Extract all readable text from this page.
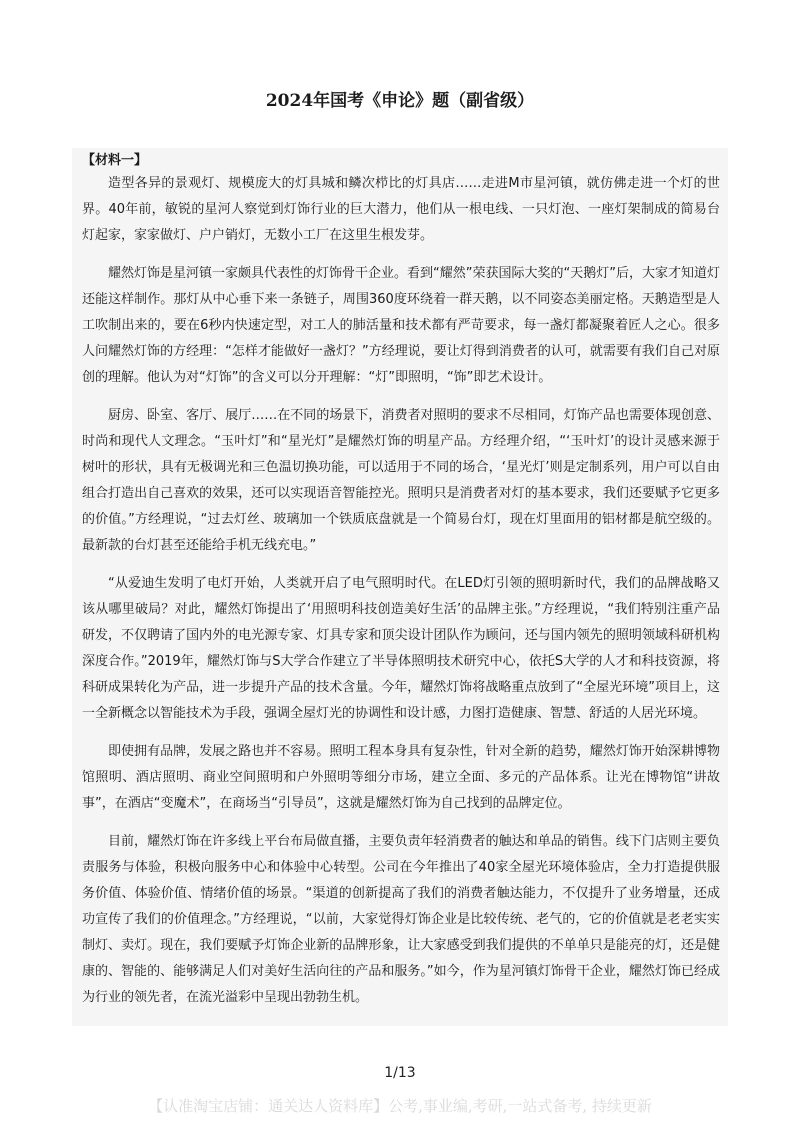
2024年国考《申论》题（副省级）
【材料一】

造型各异的景观灯、规模庞大的灯具城和鳞次栉比的灯具店……走进M市星河镇，就仿佛走进一个灯的世界。40年前，敏锐的星河人察觉到灯饰行业的巨大潜力，他们从一根电线、一只灯泡、一座灯架制成的简易台灯起家，家家做灯、户户销灯，无数小工厂在这里生根发芽。

耀然灯饰是星河镇一家颇具代表性的灯饰骨干企业。看到“耀然”荣获国际大奖的“天鹅灯”后，大家才知道灯还能这样制作。那灯从中心垂下来一条链子，周围360度环绕着一群天鹅，以不同姿态美丽定格。天鹅造型是人工吹制出来的，要在6秒内快速定型，对工人的肺活量和技术都有严苛要求，每一盏灯都凝聚着匠人之心。很多人问耀然灯饰的方经理：“怎样才能做好一盏灯？”方经理说，要让灯得到消费者的认可，就需要有我们自己对原创的理解。他认为对“灯饰”的含义可以分开理解：“灯”即照明，“饰”即艺术设计。

厨房、卧室、客厅、展厅……在不同的场景下，消费者对照明的要求不尽相同，灯饰产品也需要体现创意、时尚和现代人文理念。“玉叶灯”和“星光灯”是耀然灯饰的明星产品。方经理介绍，“‘玉叶灯’的设计灵感来源于树叶的形状，具有无极调光和三色温切换功能，可以适用于不同的场合，‘星光灯’则是定制系列，用户可以自由组合打造出自己喜欢的效果，还可以实现语音智能控光。照明只是消费者对灯的基本要求，我们还要赋予它更多的价值。”方经理说，“过去灯丝、玻璃加一个铁质底盘就是一个简易台灯，现在灯里面用的铝材都是航空级的。最新款的台灯甚至还能给手机无线充电。”

“从爱迪生发明了电灯开始，人类就开启了电气照明时代。在LED灯引领的照明新时代，我们的品牌战略又该从哪里破局？对此，耀然灯饰提出了‘用照明科技创造美好生活’的品牌主张。”方经理说，“我们特别注重产品研发，不仅聘请了国内外的电光源专家、灯具专家和顶尖设计团队作为顾问，还与国内领先的照明领域科研机构深度合作。”2019年，耀然灯饰与S大学合作建立了半导体照明技术研究中心，依托S大学的人才和科技资源，将科研成果转化为产品，进一步提升产品的技术含量。今年，耀然灯饰将战略重点放到了“全屋光环境”项目上，这一全新概念以智能技术为手段，强调全屋灯光的协调性和设计感，力图打造健康、智慧、舒适的人居光环境。

即使拥有品牌，发展之路也并不容易。照明工程本身具有复杂性，针对全新的趋势，耀然灯饰开始深耕博物馆照明、酒店照明、商业空间照明和户外照明等细分市场，建立全面、多元的产品体系。让光在博物馆“讲故事”，在酒店“变魔术”，在商场当“引导员”，这就是耀然灯饰为自己找到的品牌定位。

目前，耀然灯饰在许多线上平台布局做直播，主要负责年轻消费者的触达和单品的销售。线下门店则主要负责服务与体验，积极向服务中心和体验中心转型。公司在今年推出了40家全屋光环境体验店，全力打造提供服务价值、体验价值、情绪价值的场景。“渠道的创新提高了我们的消费者触达能力，不仅提升了业务增量，还成功宣传了我们的价值理念。”方经理说，“以前，大家觉得灯饰企业是比较传统、老气的，它的价值就是老老实实制灯、卖灯。现在，我们要赋予灯饰企业新的品牌形象，让大家感受到我们提供的不单单只是能亮的灯，还是健康的、智能的、能够满足人们对美好生活向往的产品和服务。”如今，作为星河镇灯饰骨干企业，耀然灯饰已经成为行业的领先者，在流光溢彩中呈现出勃勃生机。

1/13
【认准淘宝店铺：通关达人资料库】公考,事业编,考研,一站式备考, 持续更新
